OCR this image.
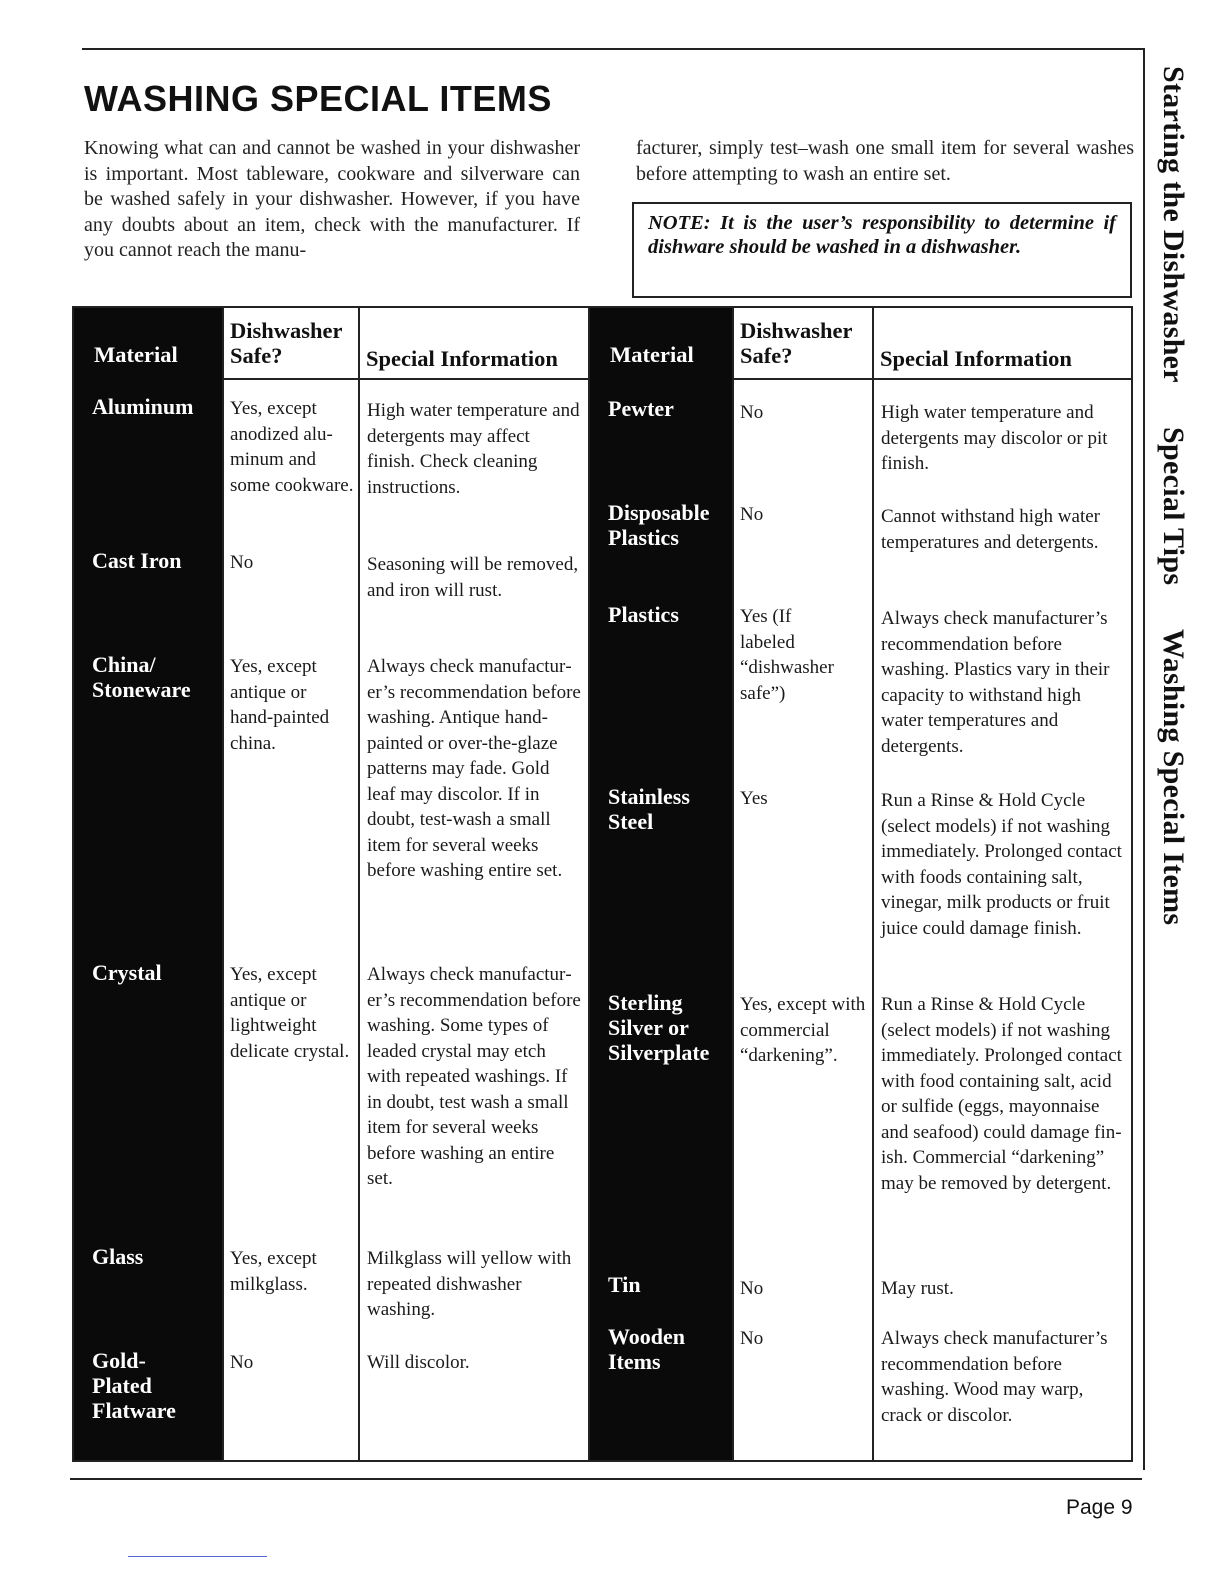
WASHING SPECIAL ITEMS

Knowing what can and cannot be washed in your dishwasher is important. Most tableware, cookware and silverware can be washed safely in your dishwasher. However, if you have any doubts about an item, check with the manufacturer. If you cannot reach the manu-

facturer, simply test–wash one small item for several washes before attempting to wash an entire set.

NOTE: It is the user’s responsibility to determine if dishware should be washed in a dishwasher.
Material
Aluminum
Cast Iron
China/ Stoneware
Crystal
Glass
Gold-Plated Flatware
Dishwasher Safe?
Yes, except anodized aluminum and some cookware.
No
Yes, except antique or hand-painted china.
Yes, except antique or lightweight delicate crystal.
Yes, except milkglass.
No
Special Information
High water temperature and detergents may affect finish. Check cleaning instructions.
Seasoning will be removed, and iron will rust.
Always check manufacturer’s recommendation before washing. Antique hand-painted or over-the-glaze patterns may fade. Gold leaf may discolor. If in doubt, test-wash a small item for several weeks before washing entire set.
Always check manufacturer’s recommendation before washing. Some types of leaded crystal may etch with repeated washings. If in doubt, test wash a small item for several weeks before washing an entire set.
Milkglass will yellow with repeated dishwasher washing.
Will discolor.
Material
Pewter
Disposable Plastics
Plastics
Stainless Steel
Sterling Silver or Silverplate
Tin
Wooden Items
Dishwasher Safe?
No
No
Yes (If labeled “dishwasher safe”)
Yes
Yes, except with commercial “darkening”.
No
No
Special Information
High water temperature and detergents may discolor or pit finish.
Cannot withstand high water temperatures and detergents.
Always check manufacturer’s recommendation before washing. Plastics vary in their capacity to withstand high water temperatures and detergents.
Run a Rinse & Hold Cycle (select models) if not washing immediately. Prolonged contact with foods containing salt, vinegar, milk products or fruit juice could damage finish.
Run a Rinse & Hold Cycle (select models) if not washing immediately. Prolonged contact with food containing salt, acid or sulfide (eggs, mayonnaise and seafood) could damage finish. Commercial “darkening” may be removed by detergent.
May rust.
Always check manufacturer’s recommendation before washing. Wood may warp, crack or discolor.
Starting the DishwasherSpecial TipsWashing Special Items
Page 9
